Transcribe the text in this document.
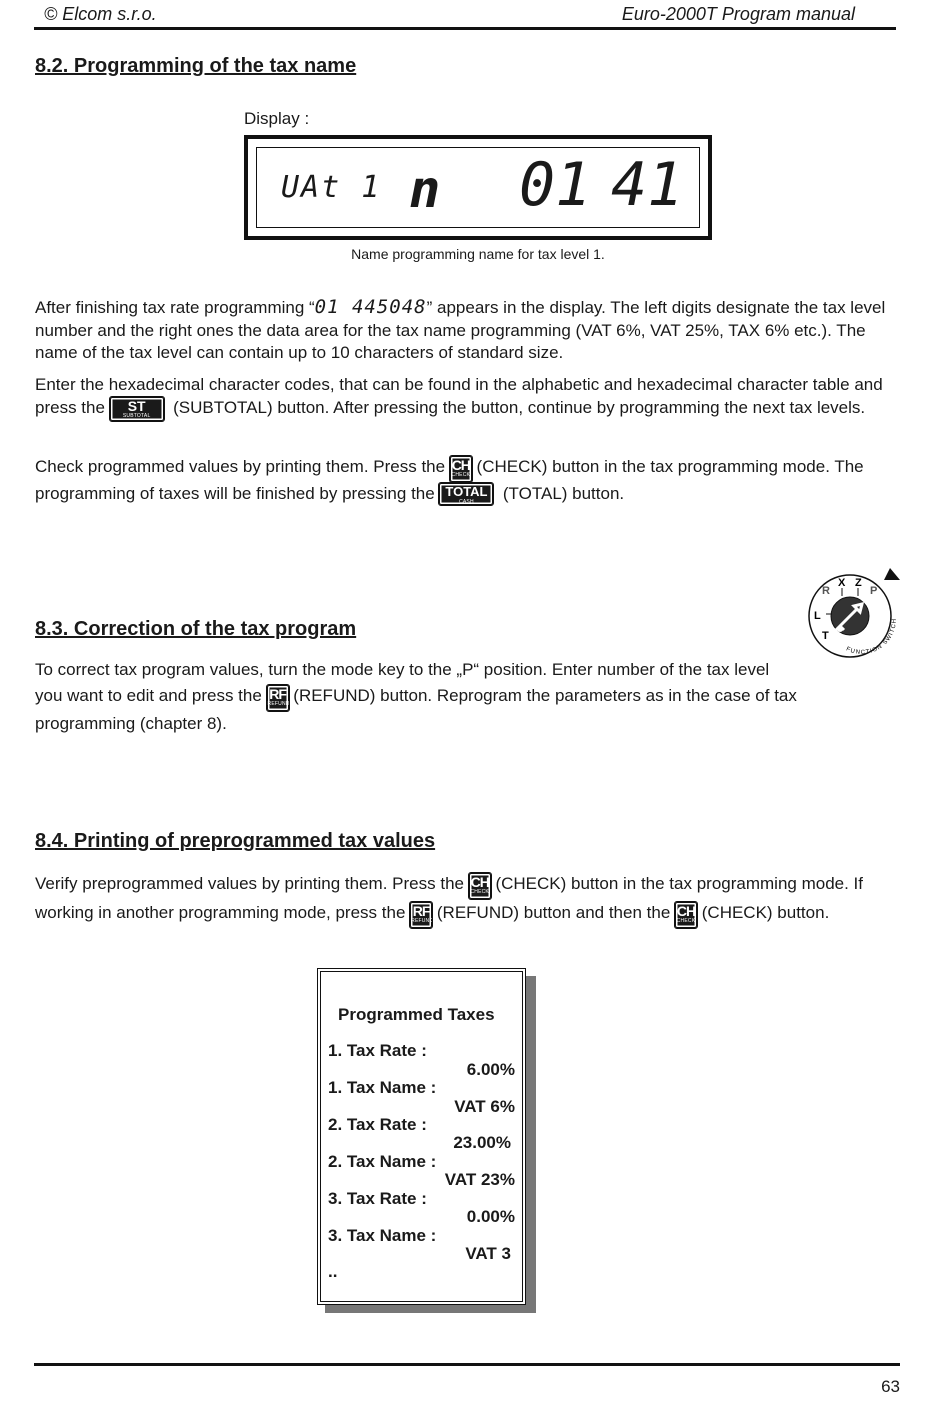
© Elcom s.r.o.	Euro-2000T Program manual
8.2. Programming of the tax name
Display :
UAt 1 n 01 41
Name programming name for tax level 1.
After finishing tax rate programming “01 445048” appears in the display. The left digits designate the tax level number and the right ones the data area for the tax name programming (VAT 6%, VAT 25%, TAX 6% etc.). The name of the tax level can contain up to 10 characters of standard size.
Enter the hexadecimal character codes, that can be found in the alphabetic and hexadecimal character table and press the	ST
SUBTOTAL	(SUBTOTAL) button. After pressing the button, continue by programming the next tax levels.
Check programmed values by printing them. Press the CH
CHECK (CHECK) button in the tax programming mode. The programming of taxes will be finished by pressing the TOTAL
CASH	(TOTAL) button.
X Z
R	P
L
T
FUNCTION SWITCH
8.3. Correction of the tax program
To correct tax program values, turn the mode key to the „P“ position. Enter number of the tax level you want to edit and press the RF
REFUND (REFUND) button. Reprogram the parameters as in the case of tax programming (chapter 8).
8.4. Printing of preprogrammed tax values
Verify preprogrammed values by printing them. Press the CH
CHECK (CHECK) button in the tax programming mode. If working in another programming mode, press the RF
REFUND (REFUND) button and then the CH
CHECK (CHECK) button.
Programmed Taxes
1. Tax Rate :
6.00%
1. Tax Name :
VAT 6%
2. Tax Rate :
23.00%
2. Tax Name :
VAT 23%
3. Tax Rate :
0.00%
3. Tax Name :
VAT 3
..
63
